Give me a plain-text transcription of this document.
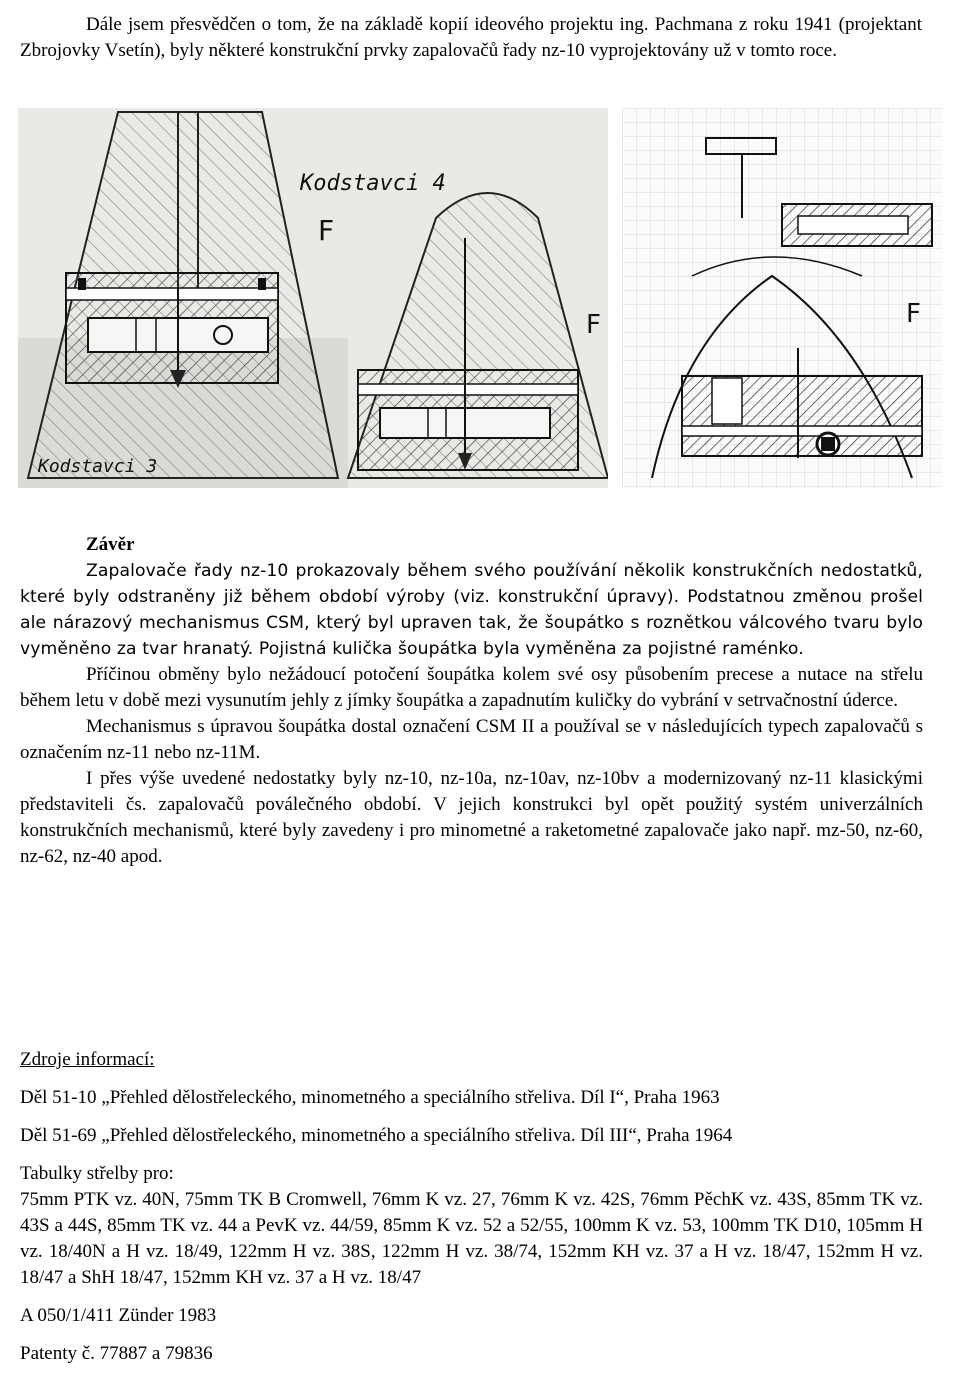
Dále jsem přesvědčen o tom, že na základě kopií ideového projektu ing. Pachmana z roku 1941 (projektant Zbrojovky Vsetín), byly některé konstrukční prvky zapalovačů řady nz-10 vyprojektovány už v tomto roce.

Kodstavci 4
Kodstavci 3
F
F	F
Závěr

Zapalovače řady nz-10 prokazovaly během svého používání několik konstrukčních nedostatků, které byly odstraněny již během období výroby (viz. konstrukční úpravy). Podstatnou změnou prošel ale nárazový mechanismus CSM, který byl upraven tak, že šoupátko s roznětkou válcového tvaru bylo vyměněno za tvar hranatý. Pojistná kulička šoupátka byla vyměněna za pojistné raménko.

Příčinou obměny bylo nežádoucí potočení šoupátka kolem své osy působením precese a nutace na střelu během letu v době mezi vysunutím jehly z jímky šoupátka a zapadnutím kuličky do vybrání v setrvačnostní úderce.

Mechanismus s úpravou šoupátka dostal označení CSM II a používal se v následujících typech zapalovačů s označením nz-11 nebo nz-11M.

I přes výše uvedené nedostatky byly nz-10, nz-10a, nz-10av, nz-10bv a modernizovaný nz-11 klasickými představiteli čs. zapalovačů poválečného období. V jejich konstrukci byl opět použitý systém univerzálních konstrukčních mechanismů, které byly zavedeny i pro minometné a raketometné zapalovače jako např. mz-50, nz-60, nz-62, nz-40 apod.

Zdroje informací:

Děl 51-10 „Přehled dělostřeleckého, minometného a speciálního střeliva. Díl I“, Praha 1963

Děl 51-69 „Přehled dělostřeleckého, minometného a speciálního střeliva. Díl III“, Praha 1964

Tabulky střelby pro:

75mm PTK vz. 40N, 75mm TK B Cromwell, 76mm K vz. 27, 76mm K vz. 42S, 76mm PěchK vz. 43S, 85mm TK vz. 43S a 44S, 85mm TK vz. 44 a PevK vz. 44/59, 85mm K vz. 52 a 52/55, 100mm K vz. 53, 100mm TK D10, 105mm H vz. 18/40N a H vz. 18/49, 122mm H vz. 38S, 122mm H vz. 38/74, 152mm KH vz. 37 a H vz. 18/47, 152mm H vz. 18/47 a ShH 18/47, 152mm KH vz. 37 a H vz. 18/47

A 050/1/411 Zünder 1983

Patenty č. 77887 a 79836
